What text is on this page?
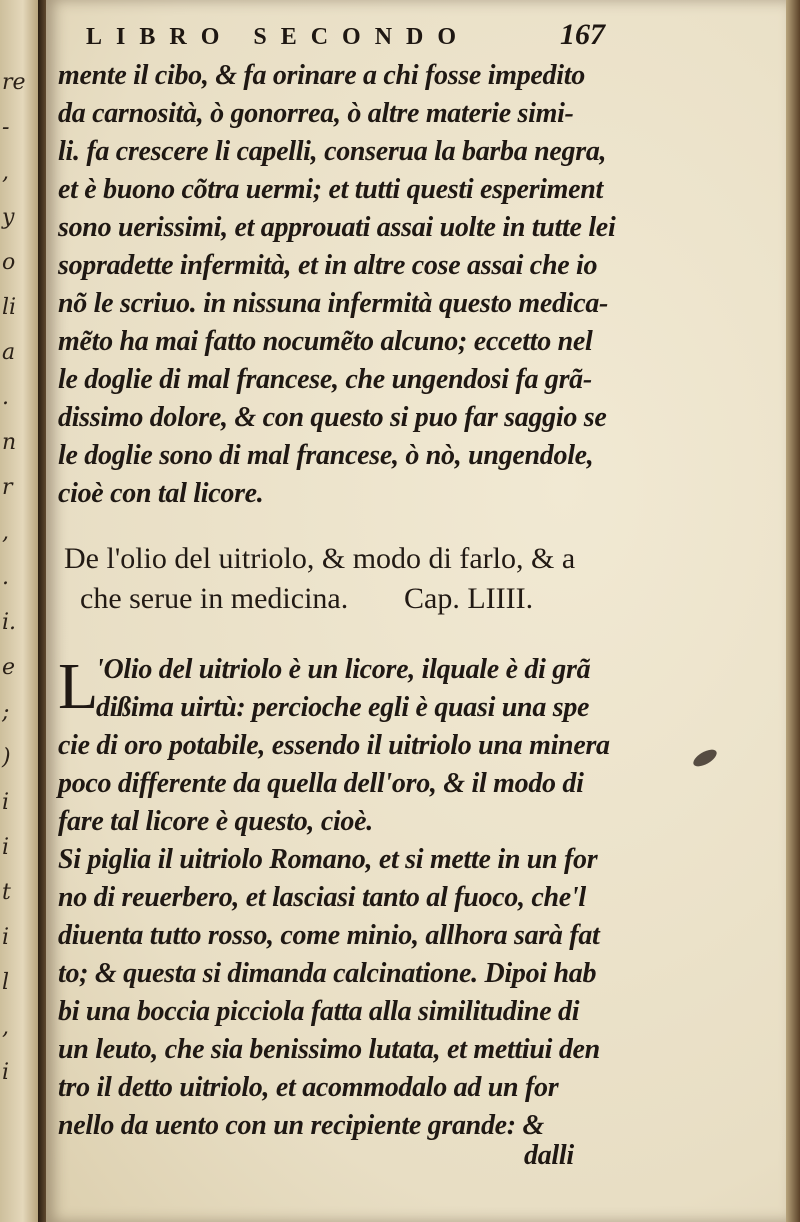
re
-
,
y
o
li
a
.
n
r
,
.
i.
e
;
)
i
i
t
i
l
,
i
LIBRO SECONDO	167
mente il cibo, & fa orinare a chi fosse impedito
da carnosità, ò gonorrea, ò altre materie simi-
li. fa crescere li capelli, conserua la barba negra,
et è buono cõtra uermi; et tutti questi esperiment
sono uerissimi, et approuati assai uolte in tutte lei
sopradette infermità, et in altre cose assai che io
nõ le scriuo. in nissuna infermità questo medica-
mẽto ha mai fatto nocumẽto alcuno; eccetto nel
le doglie di mal francese, che ungendosi fa grã-
dissimo dolore, & con questo si puo far saggio se
le doglie sono di mal francese, ò nò, ungendole,
cioè con tal licore.
De l'olio del uitriolo, & modo di farlo, & a
che serue in medicina. Cap. LIIII.
L
'Olio del uitriolo è un licore, ilquale è di grã
dißima uirtù: percioche egli è quasi una spe
cie di oro potabile, essendo il uitriolo una minera
poco differente da quella dell'oro, & il modo di
fare tal licore è questo, cioè.
Si piglia il uitriolo Romano, et si mette in un for
no di reuerbero, et lasciasi tanto al fuoco, che'l
diuenta tutto rosso, come minio, allhora sarà fat
to; & questa si dimanda calcinatione. Dipoi hab
bi una boccia picciola fatta alla similitudine di
un leuto, che sia benissimo lutata, et mettiui den
tro il detto uitriolo, et acommodalo ad un for
nello da uento con un recipiente grande: &
dalli
